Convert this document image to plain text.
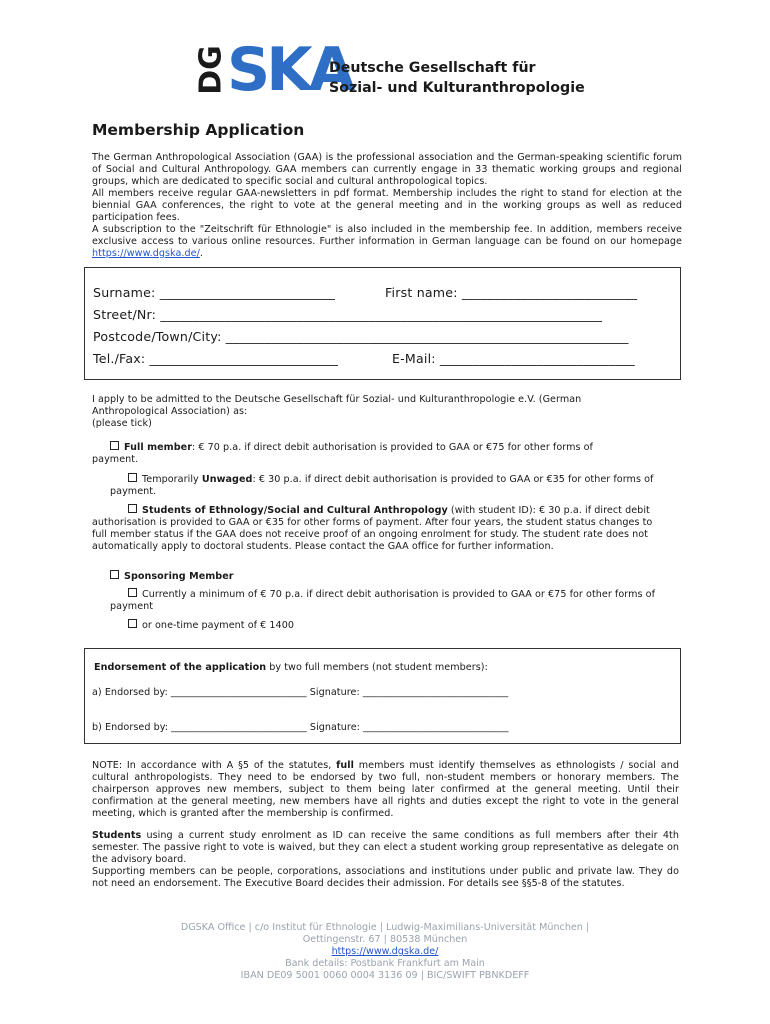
DG
SKA
Deutsche Gesellschaft für
Sozial- und Kulturanthropologie
Membership Application
The German Anthropological Association (GAA) is the professional association and the German-speaking scientific forum of Social and Cultural Anthropology. GAA members can currently engage in 33 thematic working groups and regional groups, which are dedicated to specific social and cultural anthropological topics.
All members receive regular GAA-newsletters in pdf format. Membership includes the right to stand for election at the biennial GAA conferences, the right to vote at the general meeting and in the working groups as well as reduced participation fees.
A subscription to the "Zeitschrift für Ethnologie" is also included in the membership fee. In addition, members receive exclusive access to various online resources. Further information in German language can be found on our homepage https://www.dgska.de/.
Surname: ___________________________	First name: ___________________________
Street/Nr: ____________________________________________________________________
Postcode/Town/City: ______________________________________________________________
Tel./Fax: _____________________________	E-Mail: ______________________________
I apply to be admitted to the Deutsche Gesellschaft für Sozial- und Kulturanthropologie e.V. (German Anthropological Association) as:
(please tick)
Full member: € 70 p.a. if direct debit authorisation is provided to GAA or €75 for other forms of payment.
Temporarily Unwaged: € 30 p.a. if direct debit authorisation is provided to GAA or €35 for other forms of payment.
Students of Ethnology/Social and Cultural Anthropology (with student ID): € 30 p.a. if direct debit authorisation is provided to GAA or €35 for other forms of payment. After four years, the student status changes to full member status if the GAA does not receive proof of an ongoing enrolment for study. The student rate does not automatically apply to doctoral students. Please contact the GAA office for further information.
Sponsoring Member
Currently a minimum of € 70 p.a. if direct debit authorisation is provided to GAA or €75 for other forms of payment
or one-time payment of € 1400
Endorsement of the application by two full members (not student members):
a) Endorsed by: ____________________________ Signature: ______________________________
b) Endorsed by: ____________________________ Signature: ______________________________
NOTE: In accordance with A §5 of the statutes, full members must identify themselves as ethnologists / social and cultural anthropologists. They need to be endorsed by two full, non-student members or honorary members. The chairperson approves new members, subject to them being later confirmed at the general meeting. Until their confirmation at the general meeting, new members have all rights and duties except the right to vote in the general meeting, which is granted after the membership is confirmed.
Students using a current study enrolment as ID can receive the same conditions as full members after their 4th semester. The passive right to vote is waived, but they can elect a student working group representative as delegate on the advisory board.
Supporting members can be people, corporations, associations and institutions under public and private law. They do not need an endorsement. The Executive Board decides their admission. For details see §§5-8 of the statutes.
DGSKA Office | c/o Institut für Ethnologie | Ludwig-Maximilians-Universität München |
Oettingenstr. 67 | 80538 München
https://www.dgska.de/
Bank details: Postbank Frankfurt am Main
IBAN DE09 5001 0060 0004 3136 09 | BIC/SWIFT PBNKDEFF
